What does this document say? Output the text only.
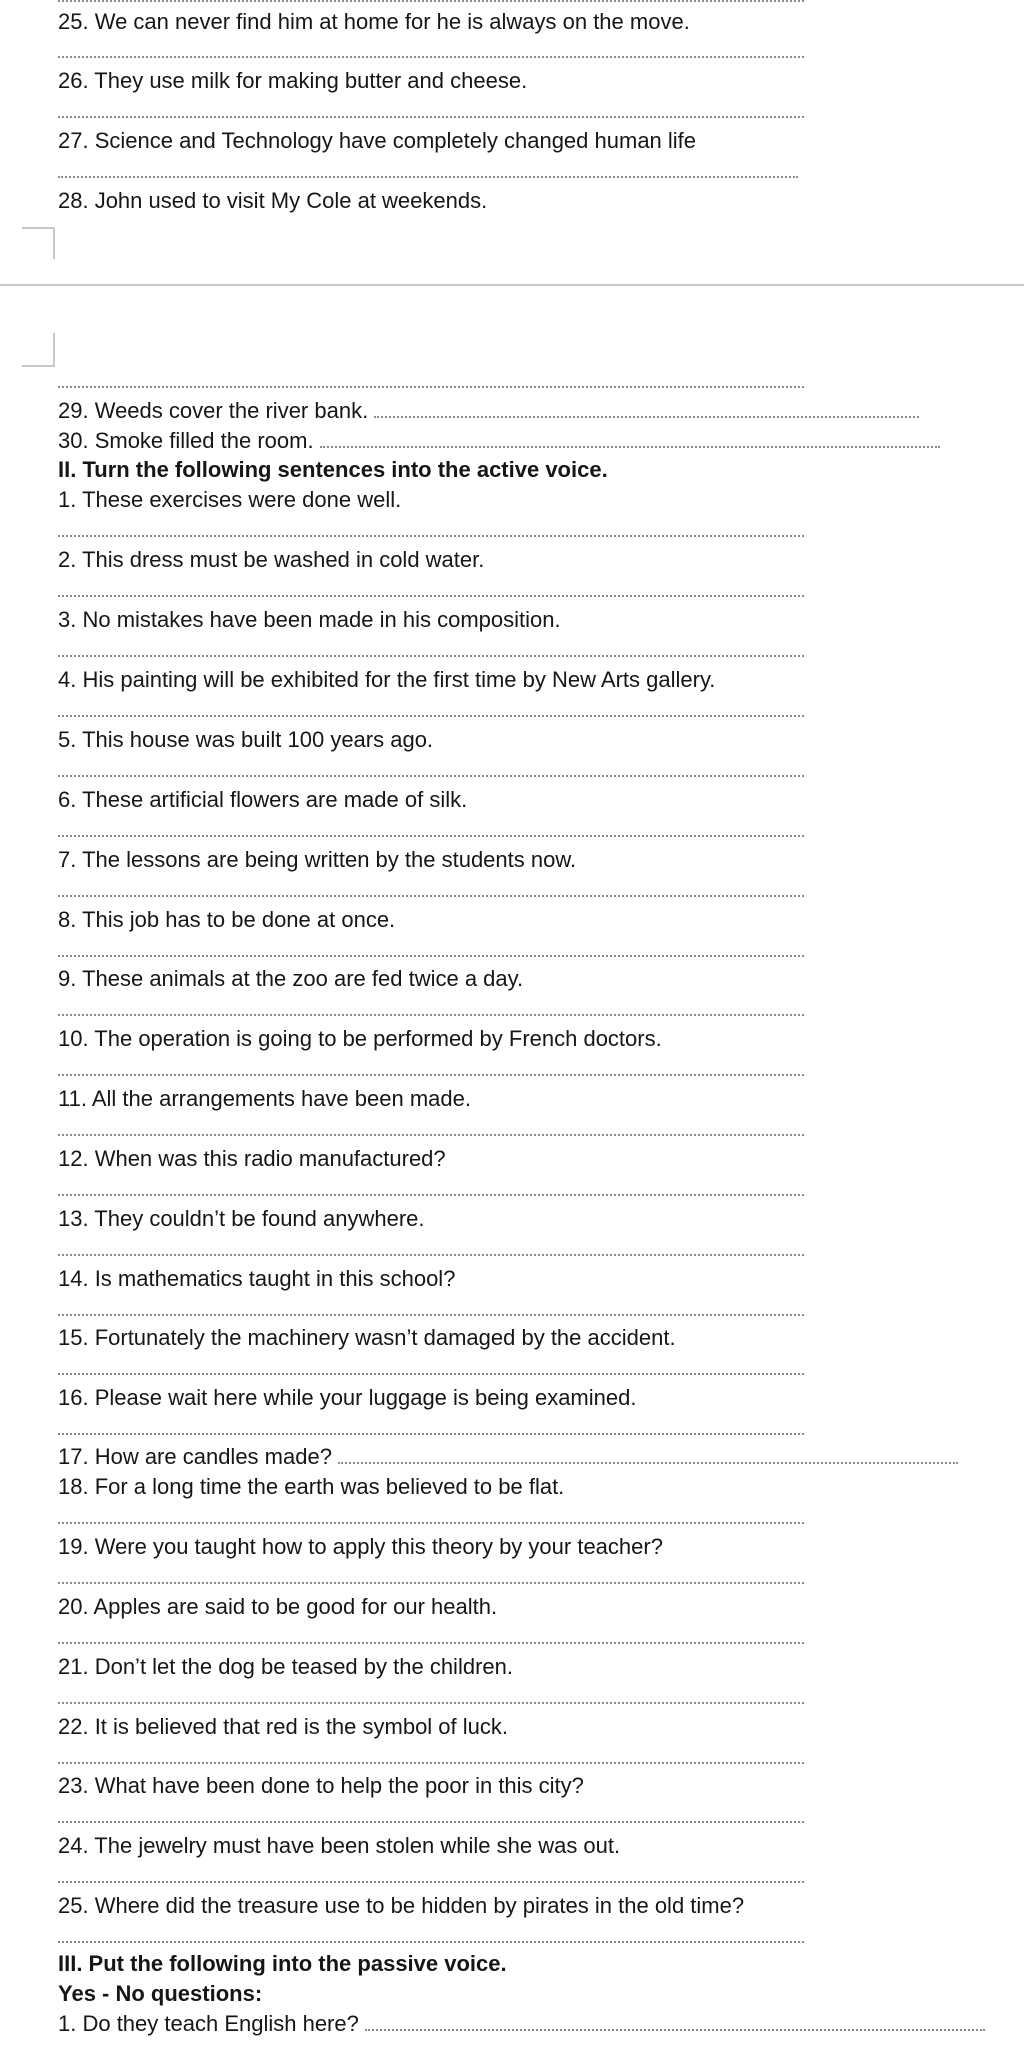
25. We can never find him at home for he is always on the move.
26. They use milk for making butter and cheese.
27. Science and Technology have completely changed human life
28. John used to visit My Cole at weekends.
29. Weeds cover the river bank.
30. Smoke filled the room.
II. Turn the following sentences into the active voice.
1. These exercises were done well.
2. This dress must be washed in cold water.
3. No mistakes have been made in his composition.
4. His painting will be exhibited for the first time by New Arts gallery.
5. This house was built 100 years ago.
6. These artificial flowers are made of silk.
7. The lessons are being written by the students now.
8. This job has to be done at once.
9. These animals at the zoo are fed twice a day.
10. The operation is going to be performed by French doctors.
11. All the arrangements have been made.
12. When was this radio manufactured?
13. They couldn’t be found anywhere.
14. Is mathematics taught in this school?
15. Fortunately the machinery wasn’t damaged by the accident.
16. Please wait here while your luggage is being examined.
17. How are candles made?
18. For a long time the earth was believed to be flat.
19. Were you taught how to apply this theory by your teacher?
20. Apples are said to be good for our health.
21. Don’t let the dog be teased by the children.
22. It is believed that red is the symbol of luck.
23. What have been done to help the poor in this city?
24. The jewelry must have been stolen while she was out.
25. Where did the treasure use to be hidden by pirates in the old time?
III. Put the following into the passive voice.
Yes - No questions:
1. Do they teach English here?
